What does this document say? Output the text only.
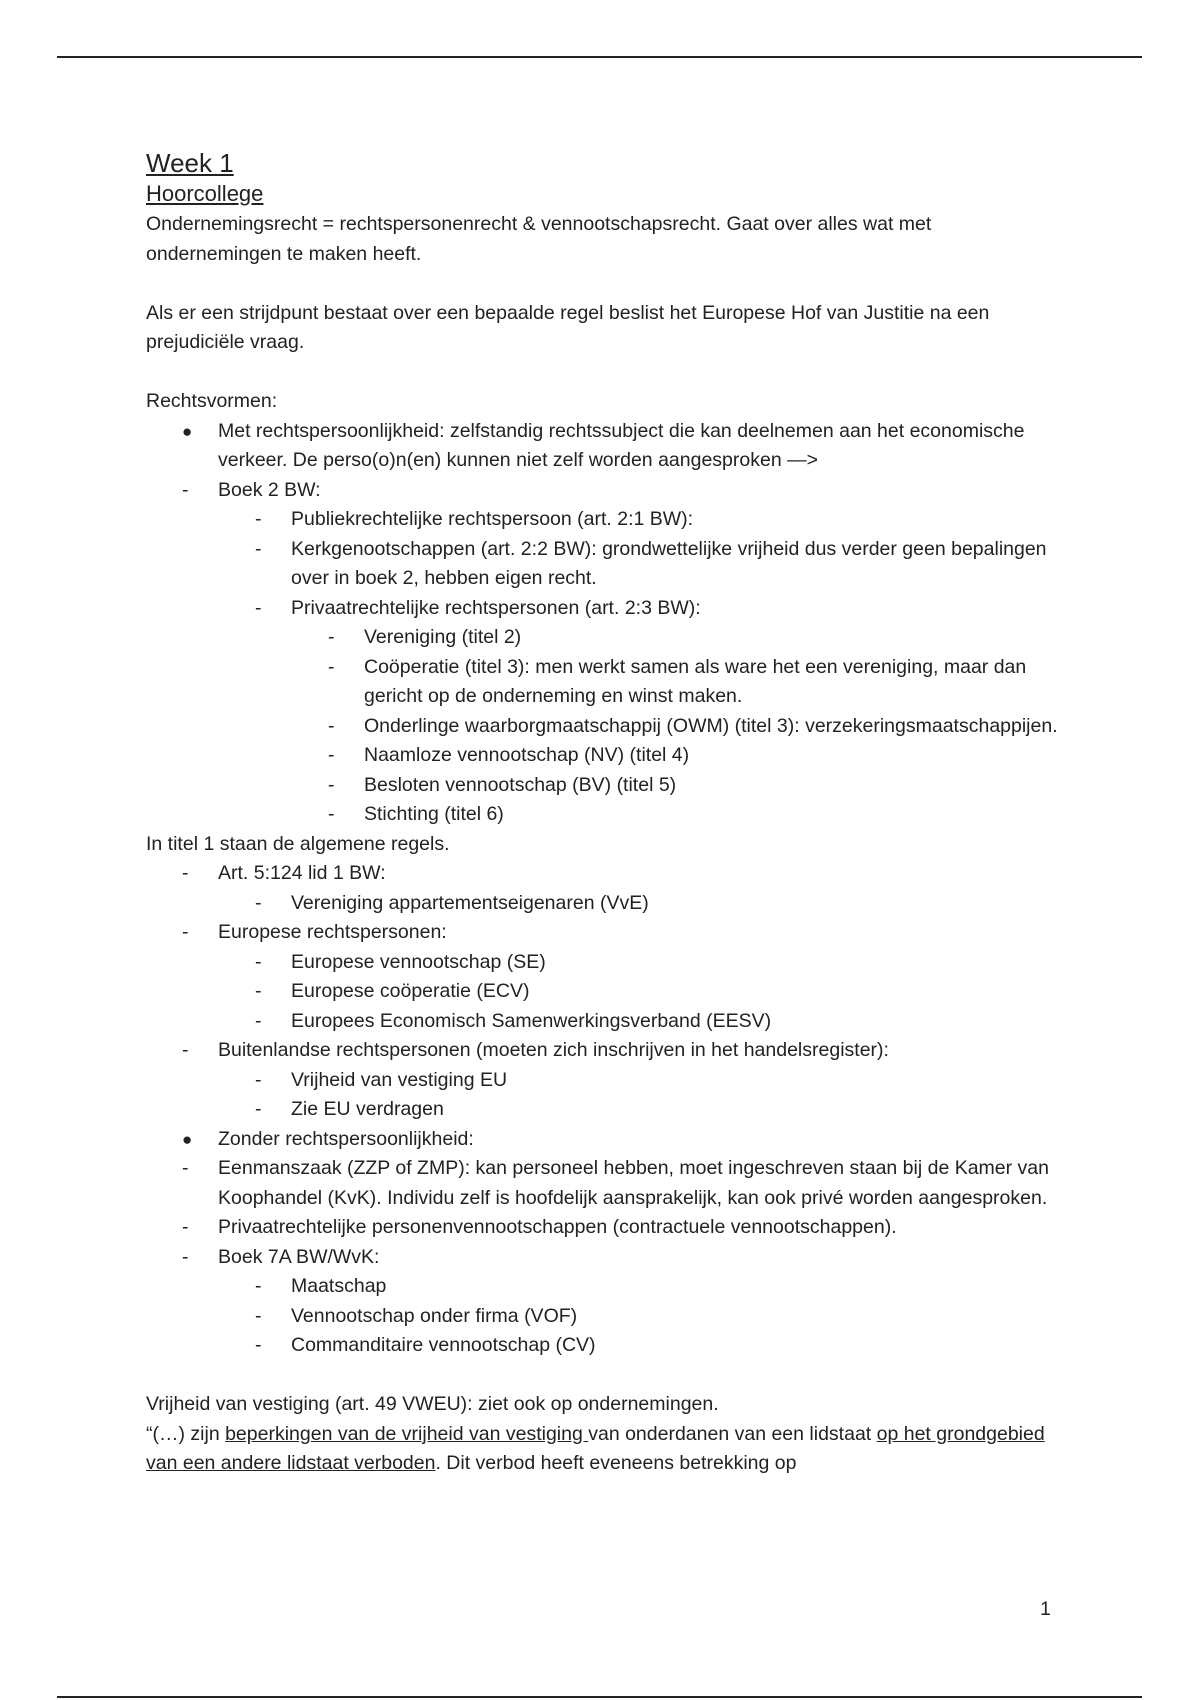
Week 1
Hoorcollege

Ondernemingsrecht = rechtspersonenrecht & vennootschapsrecht. Gaat over alles wat met ondernemingen te maken heeft.

Als er een strijdpunt bestaat over een bepaalde regel beslist het Europese Hof van Justitie na een prejudiciële vraag.

Rechtsvormen:

● Met rechtspersoonlijkheid: zelfstandig rechtssubject die kan deelnemen aan het economische verkeer. De perso(o)n(en) kunnen niet zelf worden aangesproken —>
- Boek 2 BW:
- Publiekrechtelijke rechtspersoon (art. 2:1 BW):
- Kerkgenootschappen (art. 2:2 BW): grondwettelijke vrijheid dus verder geen bepalingen over in boek 2, hebben eigen recht.
- Privaatrechtelijke rechtspersonen (art. 2:3 BW):
- Vereniging (titel 2)
- Coöperatie (titel 3): men werkt samen als ware het een vereniging, maar dan gericht op de onderneming en winst maken.
- Onderlinge waarborgmaatschappij (OWM) (titel 3): verzekeringsmaatschappijen.
- Naamloze vennootschap (NV) (titel 4)
- Besloten vennootschap (BV) (titel 5)
- Stichting (titel 6)

In titel 1 staan de algemene regels.

- Art. 5:124 lid 1 BW:
- Vereniging appartementseigenaren (VvE)
- Europese rechtspersonen:
- Europese vennootschap (SE)
- Europese coöperatie (ECV)
- Europees Economisch Samenwerkingsverband (EESV)
- Buitenlandse rechtspersonen (moeten zich inschrijven in het handelsregister):
- Vrijheid van vestiging EU
- Zie EU verdragen
● Zonder rechtspersoonlijkheid:
- Eenmanszaak (ZZP of ZMP): kan personeel hebben, moet ingeschreven staan bij de Kamer van Koophandel (KvK). Individu zelf is hoofdelijk aansprakelijk, kan ook privé worden aangesproken.
- Privaatrechtelijke personenvennootschappen (contractuele vennootschappen).
- Boek 7A BW/WvK:
- Maatschap
- Vennootschap onder firma (VOF)
- Commanditaire vennootschap (CV)

Vrijheid van vestiging (art. 49 VWEU): ziet ook op ondernemingen.

“(…) zijn beperkingen van de vrijheid van vestiging van onderdanen van een lidstaat op het grondgebied van een andere lidstaat verboden. Dit verbod heeft eveneens betrekking op

1
